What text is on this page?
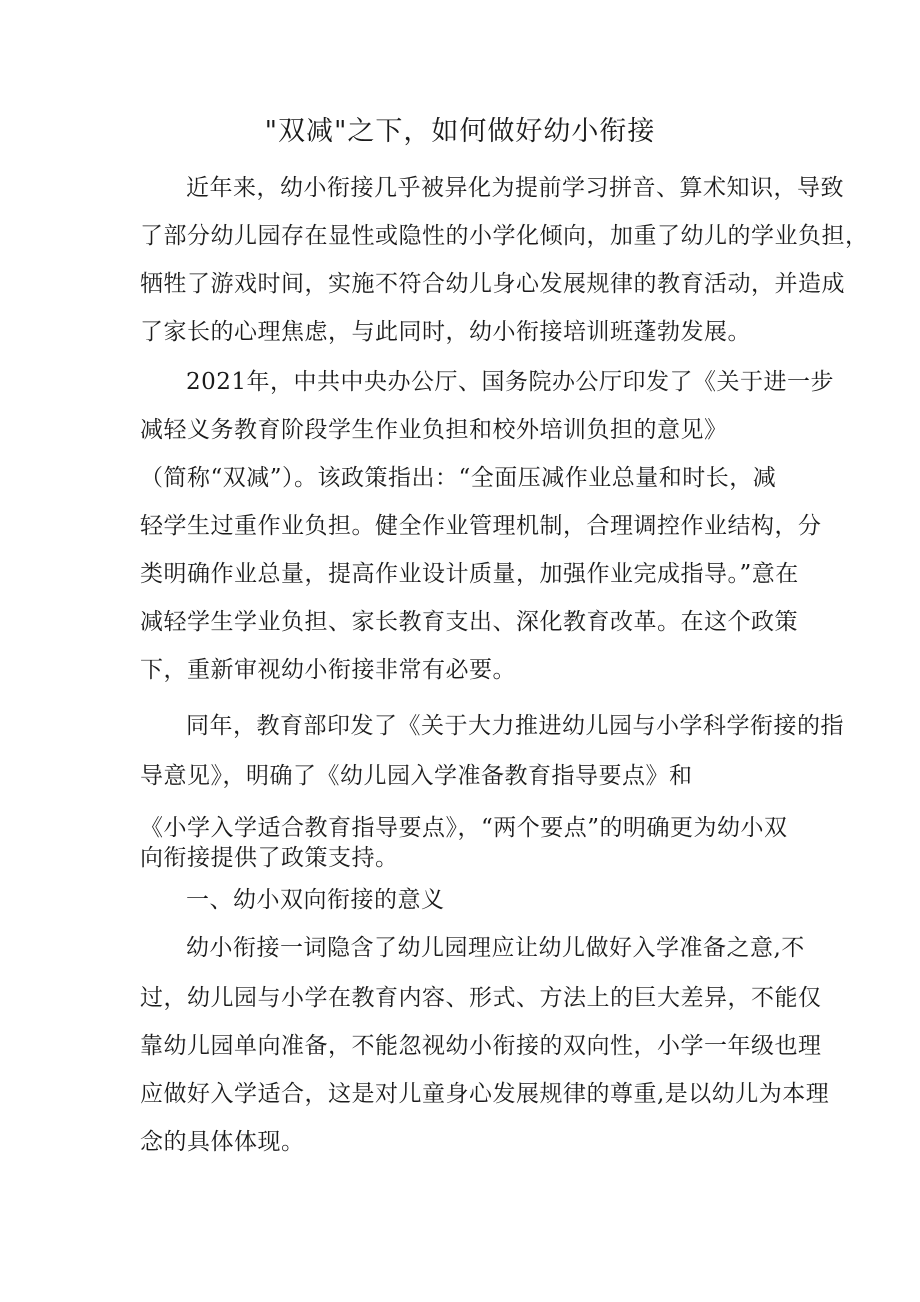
"双减"之下，如何做好幼小衔接
近年来，幼小衔接几乎被异化为提前学习拼音、算术知识，导致
了部分幼儿园存在显性或隐性的小学化倾向，加重了幼儿的学业负担，
牺牲了游戏时间，实施不符合幼儿身心发展规律的教育活动，并造成
了家长的心理焦虑，与此同时，幼小衔接培训班蓬勃发展。
2021年，中共中央办公厅、国务院办公厅印发了《关于进一步
减轻义务教育阶段学生作业负担和校外培训负担的意见》
（简称“双减”）。该政策指出：“全面压减作业总量和时长，减
轻学生过重作业负担。健全作业管理机制，合理调控作业结构，分
类明确作业总量，提高作业设计质量，加强作业完成指导。”意在
减轻学生学业负担、家长教育支出、深化教育改革。在这个政策
下，重新审视幼小衔接非常有必要。
同年，教育部印发了《关于大力推进幼儿园与小学科学衔接的指
导意见》，明确了《幼儿园入学准备教育指导要点》和
《小学入学适合教育指导要点》，“两个要点”的明确更为幼小双
向衔接提供了政策支持。
一、幼小双向衔接的意义
幼小衔接一词隐含了幼儿园理应让幼儿做好入学准备之意,不
过，幼儿园与小学在教育内容、形式、方法上的巨大差异，不能仅
靠幼儿园单向准备，不能忽视幼小衔接的双向性，小学一年级也理
应做好入学适合，这是对儿童身心发展规律的尊重,是以幼儿为本理
念的具体体现。
